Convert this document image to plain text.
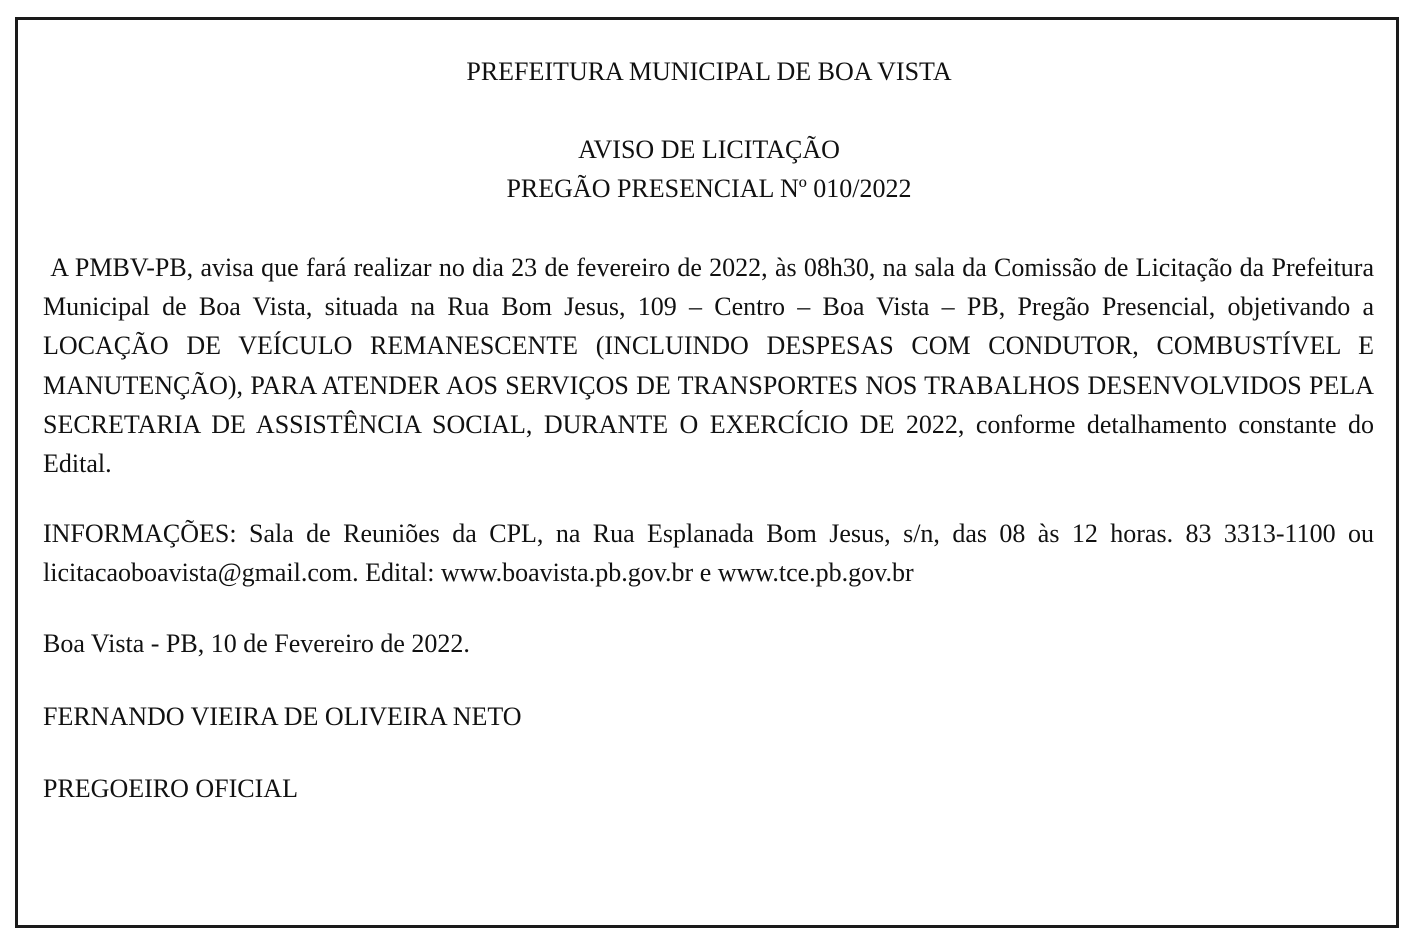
PREFEITURA MUNICIPAL DE BOA VISTA
AVISO DE LICITAÇÃO
PREGÃO PRESENCIAL Nº 010/2022

A PMBV-PB, avisa que fará realizar no dia 23 de fevereiro de 2022, às 08h30, na sala da Comissão de Licitação da Prefeitura Municipal de Boa Vista, situada na Rua Bom Jesus, 109 – Centro – Boa Vista – PB, Pregão Presencial, objetivando a LOCAÇÃO DE VEÍCULO REMANESCENTE (INCLUINDO DESPESAS COM CONDUTOR, COMBUSTÍVEL E MANUTENÇÃO), PARA ATENDER AOS SERVIÇOS DE TRANSPORTES NOS TRABALHOS DESENVOLVIDOS PELA SECRETARIA DE ASSISTÊNCIA SOCIAL, DURANTE O EXERCÍCIO DE 2022, conforme detalhamento constante do Edital.

INFORMAÇÕES: Sala de Reuniões da CPL, na Rua Esplanada Bom Jesus, s/n, das 08 às 12 horas. 83 3313-1100 ou licitacaoboavista@gmail.com. Edital: www.boavista.pb.gov.br e www.tce.pb.gov.br

Boa Vista - PB, 10 de Fevereiro de 2022.
FERNANDO VIEIRA DE OLIVEIRA NETO
PREGOEIRO OFICIAL
